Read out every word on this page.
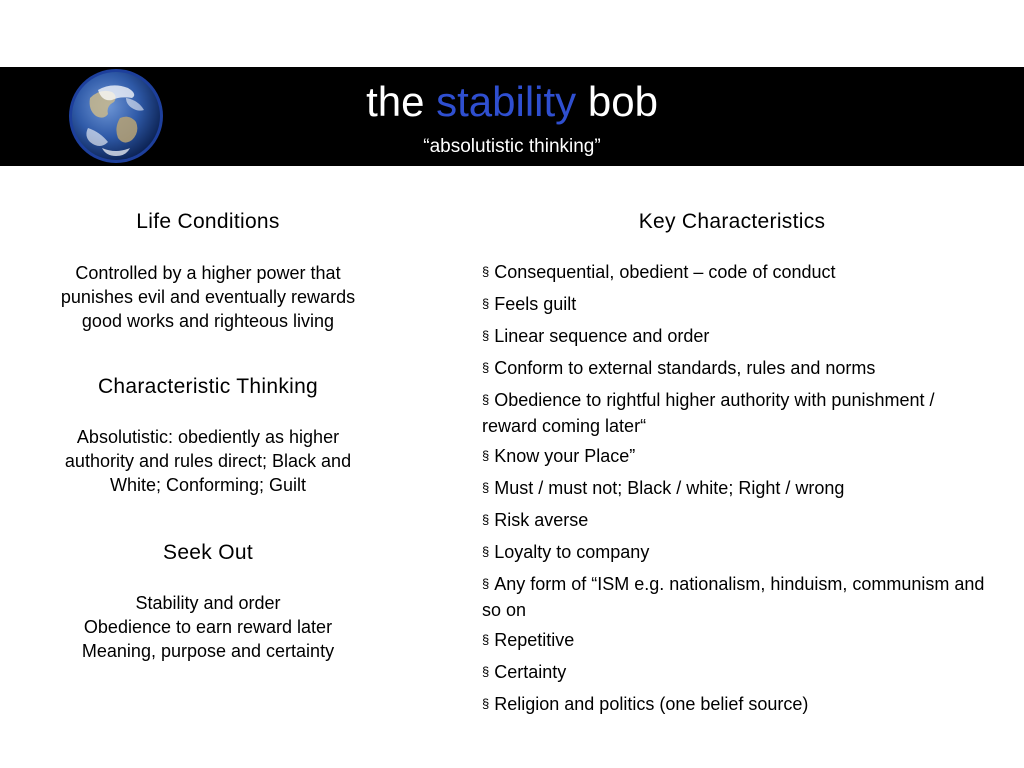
the stability bob
“absolutistic thinking”
Life Conditions

Controlled by a higher power that punishes evil and eventually rewards good works and righteous living

Characteristic Thinking

Absolutistic: obediently as higher authority and rules direct; Black and White; Conforming; Guilt

Seek Out

Stability and order

Obedience to earn reward later

Meaning, purpose and certainty

Key Characteristics
§ Consequential, obedient – code of conduct
§ Feels guilt
§ Linear sequence and order
§ Conform to external standards, rules and norms
§ Obedience to rightful higher authority with punishment / reward coming later“
§ Know your Place”
§ Must / must not; Black / white; Right / wrong
§ Risk averse
§ Loyalty to company
§ Any form of “ISM e.g. nationalism, hinduism, communism and so on
§ Repetitive
§ Certainty
§ Religion and politics (one belief source)
